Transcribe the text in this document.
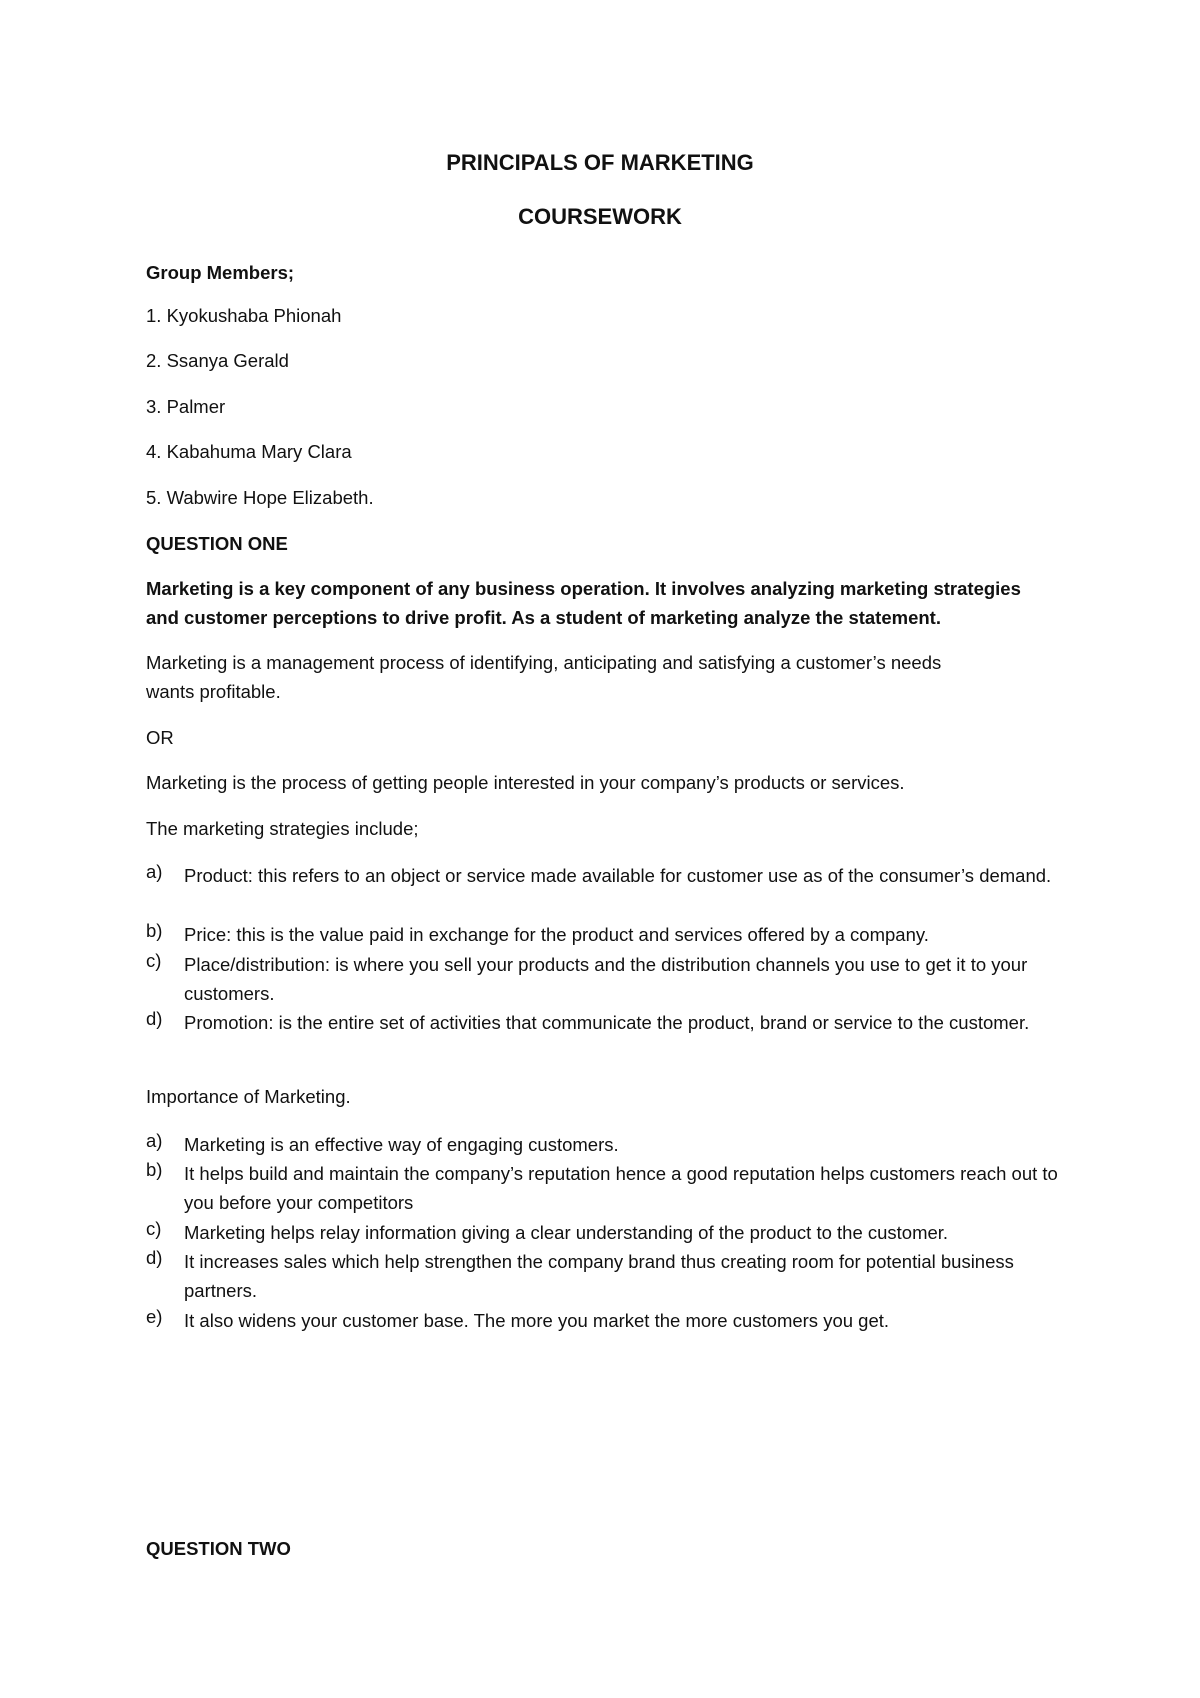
PRINCIPALS OF MARKETING
COURSEWORK
Group Members;
1. Kyokushaba Phionah
2. Ssanya Gerald
3. Palmer
4. Kabahuma Mary Clara
5. Wabwire Hope Elizabeth.
QUESTION ONE
Marketing is a key component of any business operation. It involves analyzing marketing strategies
and customer perceptions to drive profit. As a student of marketing analyze the statement.
Marketing is a management process of identifying, anticipating and satisfying a customer’s needs
wants profitable.
OR
Marketing is the process of getting people interested in your company’s products or services.
The marketing strategies include;
a) Product: this refers to an object or service made available for customer use as of the consumer’s demand.
b) Price: this is the value paid in exchange for the product and services offered by a company.
c) Place/distribution: is where you sell your products and the distribution channels you use to get it to your customers.
d) Promotion: is the entire set of activities that communicate the product, brand or service to the customer.
Importance of Marketing.
a) Marketing is an effective way of engaging customers.
b) It helps build and maintain the company’s reputation hence a good reputation helps customers reach out to you before your competitors
c) Marketing helps relay information giving a clear understanding of the product to the customer.
d) It increases sales which help strengthen the company brand thus creating room for potential business partners.
e) It also widens your customer base. The more you market the more customers you get.
QUESTION TWO
